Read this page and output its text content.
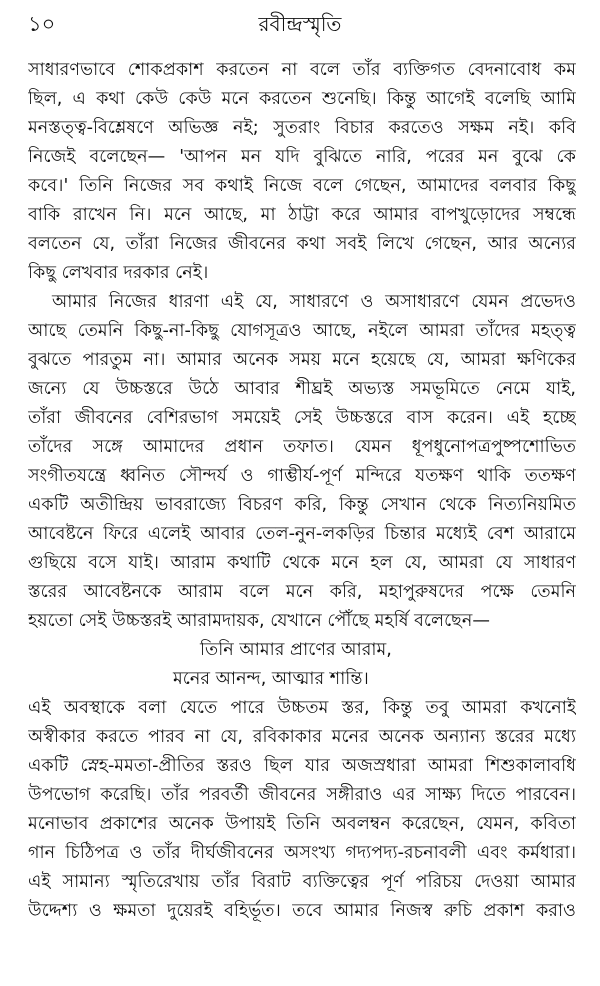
১০	রবীন্দ্রস্মৃতি
সাধারণভাবে শোকপ্রকাশ করতেন না বলে তাঁর ব্যক্তিগত বেদনাবোধ কম
ছিল, এ কথা কেউ কেউ মনে করতেন শুনেছি। কিন্তু আগেই বলেছি আমি
মনস্তত্ত্ব-বিশ্লেষণে অভিজ্ঞ নই; সুতরাং বিচার করতেও সক্ষম নই। কবি
নিজেই বলেছেন— 'আপন মন যদি বুঝিতে নারি, পরের মন বুঝে কে
কবে।' তিনি নিজের সব কথাই নিজে বলে গেছেন, আমাদের বলবার কিছু
বাকি রাখেন নি। মনে আছে, মা ঠাট্টা করে আমার বাপখুড়োদের সম্বন্ধে
বলতেন যে, তাঁরা নিজের জীবনের কথা সবই লিখে গেছেন, আর অন্যের
কিছু লেখবার দরকার নেই।
আমার নিজের ধারণা এই যে, সাধারণে ও অসাধারণে যেমন প্রভেদও
আছে তেমনি কিছু-না-কিছু যোগসূত্রও আছে, নইলে আমরা তাঁদের মহত্ত্ব
বুঝতে পারতুম না। আমার অনেক সময় মনে হয়েছে যে, আমরা ক্ষণিকের
জন্যে যে উচ্চস্তরে উঠে আবার শীঘ্রই অভ্যস্ত সমভূমিতে নেমে যাই,
তাঁরা জীবনের বেশিরভাগ সময়েই সেই উচ্চস্তরে বাস করেন। এই হচ্ছে
তাঁদের সঙ্গে আমাদের প্রধান তফাত। যেমন ধূপধুনোপত্রপুষ্পশোভিত
সংগীতযন্ত্রে ধ্বনিত সৌন্দর্য ও গাম্ভীর্য-পূর্ণ মন্দিরে যতক্ষণ থাকি ততক্ষণ
একটি অতীন্দ্রিয় ভাবরাজ্যে বিচরণ করি, কিন্তু সেখান থেকে নিত্যনিয়মিত
আবেষ্টনে ফিরে এলেই আবার তেল-নুন-লকড়ির চিন্তার মধ্যেই বেশ আরামে
গুছিয়ে বসে যাই। আরাম কথাটি থেকে মনে হল যে, আমরা যে সাধারণ
স্তরের আবেষ্টনকে আরাম বলে মনে করি, মহাপুরুষদের পক্ষে তেমনি
হয়তো সেই উচ্চস্তরই আরামদায়ক, যেখানে পৌঁছে মহর্ষি বলেছেন—
তিনি আমার প্রাণের আরাম,
মনের আনন্দ, আত্মার শান্তি।
এই অবস্থাকে বলা যেতে পারে উচ্চতম স্তর, কিন্তু তবু আমরা কখনোই
অস্বীকার করতে পারব না যে, রবিকাকার মনের অনেক অন্যান্য স্তরের মধ্যে
একটি স্নেহ-মমতা-প্রীতির স্তরও ছিল যার অজস্রধারা আমরা শিশুকালাবধি
উপভোগ করেছি। তাঁর পরবর্তী জীবনের সঙ্গীরাও এর সাক্ষ্য দিতে পারবেন।
মনোভাব প্রকাশের অনেক উপায়ই তিনি অবলম্বন করেছেন, যেমন, কবিতা
গান চিঠিপত্র ও তাঁর দীর্ঘজীবনের অসংখ্য গদ্যপদ্য-রচনাবলী এবং কর্মধারা।
এই সামান্য স্মৃতিরেখায় তাঁর বিরাট ব্যক্তিত্বের পূর্ণ পরিচয় দেওয়া আমার
উদ্দেশ্য ও ক্ষমতা দুয়েরই বহির্ভূত। তবে আমার নিজস্ব রুচি প্রকাশ করাও
